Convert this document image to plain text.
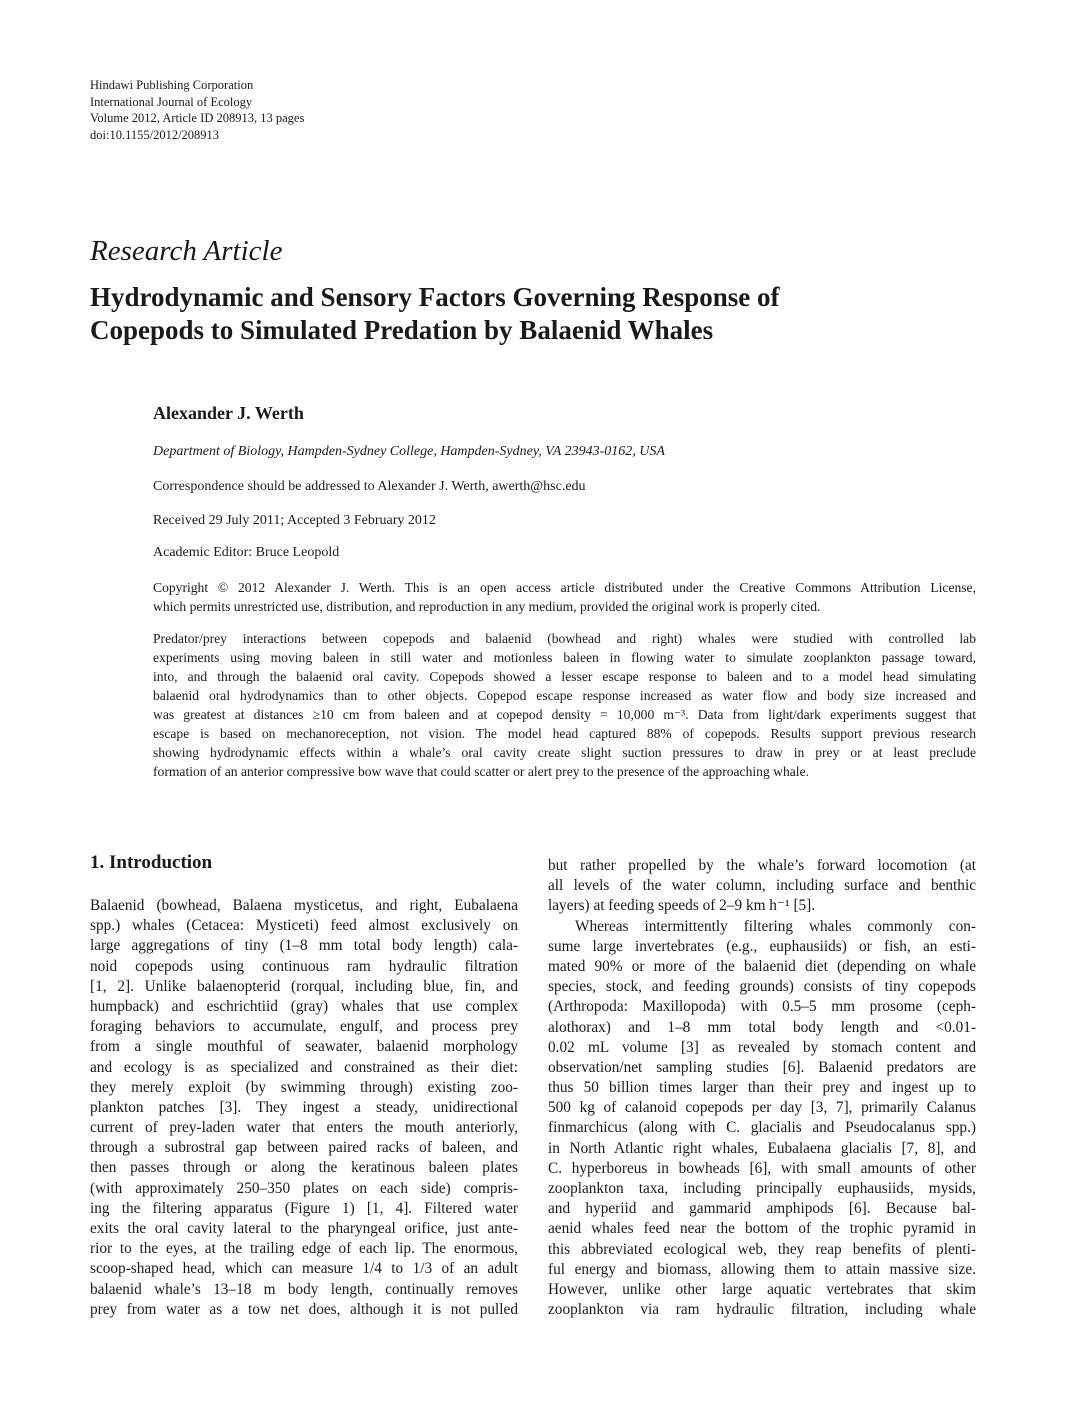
Hindawi Publishing Corporation
International Journal of Ecology
Volume 2012, Article ID 208913, 13 pages
doi:10.1155/2012/208913
Research Article
Hydrodynamic and Sensory Factors Governing Response of
Copepods to Simulated Predation by Balaenid Whales
Alexander J. Werth
Department of Biology, Hampden-Sydney College, Hampden-Sydney, VA 23943-0162, USA
Correspondence should be addressed to Alexander J. Werth, awerth@hsc.edu
Received 29 July 2011; Accepted 3 February 2012
Academic Editor: Bruce Leopold
Copyright © 2012 Alexander J. Werth. This is an open access article distributed under the Creative Commons Attribution License,
which permits unrestricted use, distribution, and reproduction in any medium, provided the original work is properly cited.
Predator/prey interactions between copepods and balaenid (bowhead and right) whales were studied with controlled lab
experiments using moving baleen in still water and motionless baleen in flowing water to simulate zooplankton passage toward,
into, and through the balaenid oral cavity. Copepods showed a lesser escape response to baleen and to a model head simulating
balaenid oral hydrodynamics than to other objects. Copepod escape response increased as water flow and body size increased and
was greatest at distances ≥10 cm from baleen and at copepod density = 10,000 m⁻³. Data from light/dark experiments suggest that
escape is based on mechanoreception, not vision. The model head captured 88% of copepods. Results support previous research
showing hydrodynamic effects within a whale’s oral cavity create slight suction pressures to draw in prey or at least preclude
formation of an anterior compressive bow wave that could scatter or alert prey to the presence of the approaching whale.
1. Introduction
Balaenid (bowhead, Balaena mysticetus, and right, Eubalaena
spp.) whales (Cetacea: Mysticeti) feed almost exclusively on
large aggregations of tiny (1–8 mm total body length) cala-
noid copepods using continuous ram hydraulic filtration
[1, 2]. Unlike balaenopterid (rorqual, including blue, fin, and
humpback) and eschrichtiid (gray) whales that use complex
foraging behaviors to accumulate, engulf, and process prey
from a single mouthful of seawater, balaenid morphology
and ecology is as specialized and constrained as their diet:
they merely exploit (by swimming through) existing zoo-
plankton patches [3]. They ingest a steady, unidirectional
current of prey-laden water that enters the mouth anteriorly,
through a subrostral gap between paired racks of baleen, and
then passes through or along the keratinous baleen plates
(with approximately 250–350 plates on each side) compris-
ing the filtering apparatus (Figure 1) [1, 4]. Filtered water
exits the oral cavity lateral to the pharyngeal orifice, just ante-
rior to the eyes, at the trailing edge of each lip. The enormous,
scoop-shaped head, which can measure 1/4 to 1/3 of an adult
balaenid whale’s 13–18 m body length, continually removes
prey from water as a tow net does, although it is not pulled
but rather propelled by the whale’s forward locomotion (at
all levels of the water column, including surface and benthic
layers) at feeding speeds of 2–9 km h⁻¹ [5].
Whereas intermittently filtering whales commonly con-
sume large invertebrates (e.g., euphausiids) or fish, an esti-
mated 90% or more of the balaenid diet (depending on whale
species, stock, and feeding grounds) consists of tiny copepods
(Arthropoda: Maxillopoda) with 0.5–5 mm prosome (ceph-
alothorax) and 1–8 mm total body length and <0.01-
0.02 mL volume [3] as revealed by stomach content and
observation/net sampling studies [6]. Balaenid predators are
thus 50 billion times larger than their prey and ingest up to
500 kg of calanoid copepods per day [3, 7], primarily Calanus
finmarchicus (along with C. glacialis and Pseudocalanus spp.)
in North Atlantic right whales, Eubalaena glacialis [7, 8], and
C. hyperboreus in bowheads [6], with small amounts of other
zooplankton taxa, including principally euphausiids, mysids,
and hyperiid and gammarid amphipods [6]. Because bal-
aenid whales feed near the bottom of the trophic pyramid in
this abbreviated ecological web, they reap benefits of plenti-
ful energy and biomass, allowing them to attain massive size.
However, unlike other large aquatic vertebrates that skim
zooplankton via ram hydraulic filtration, including whale
